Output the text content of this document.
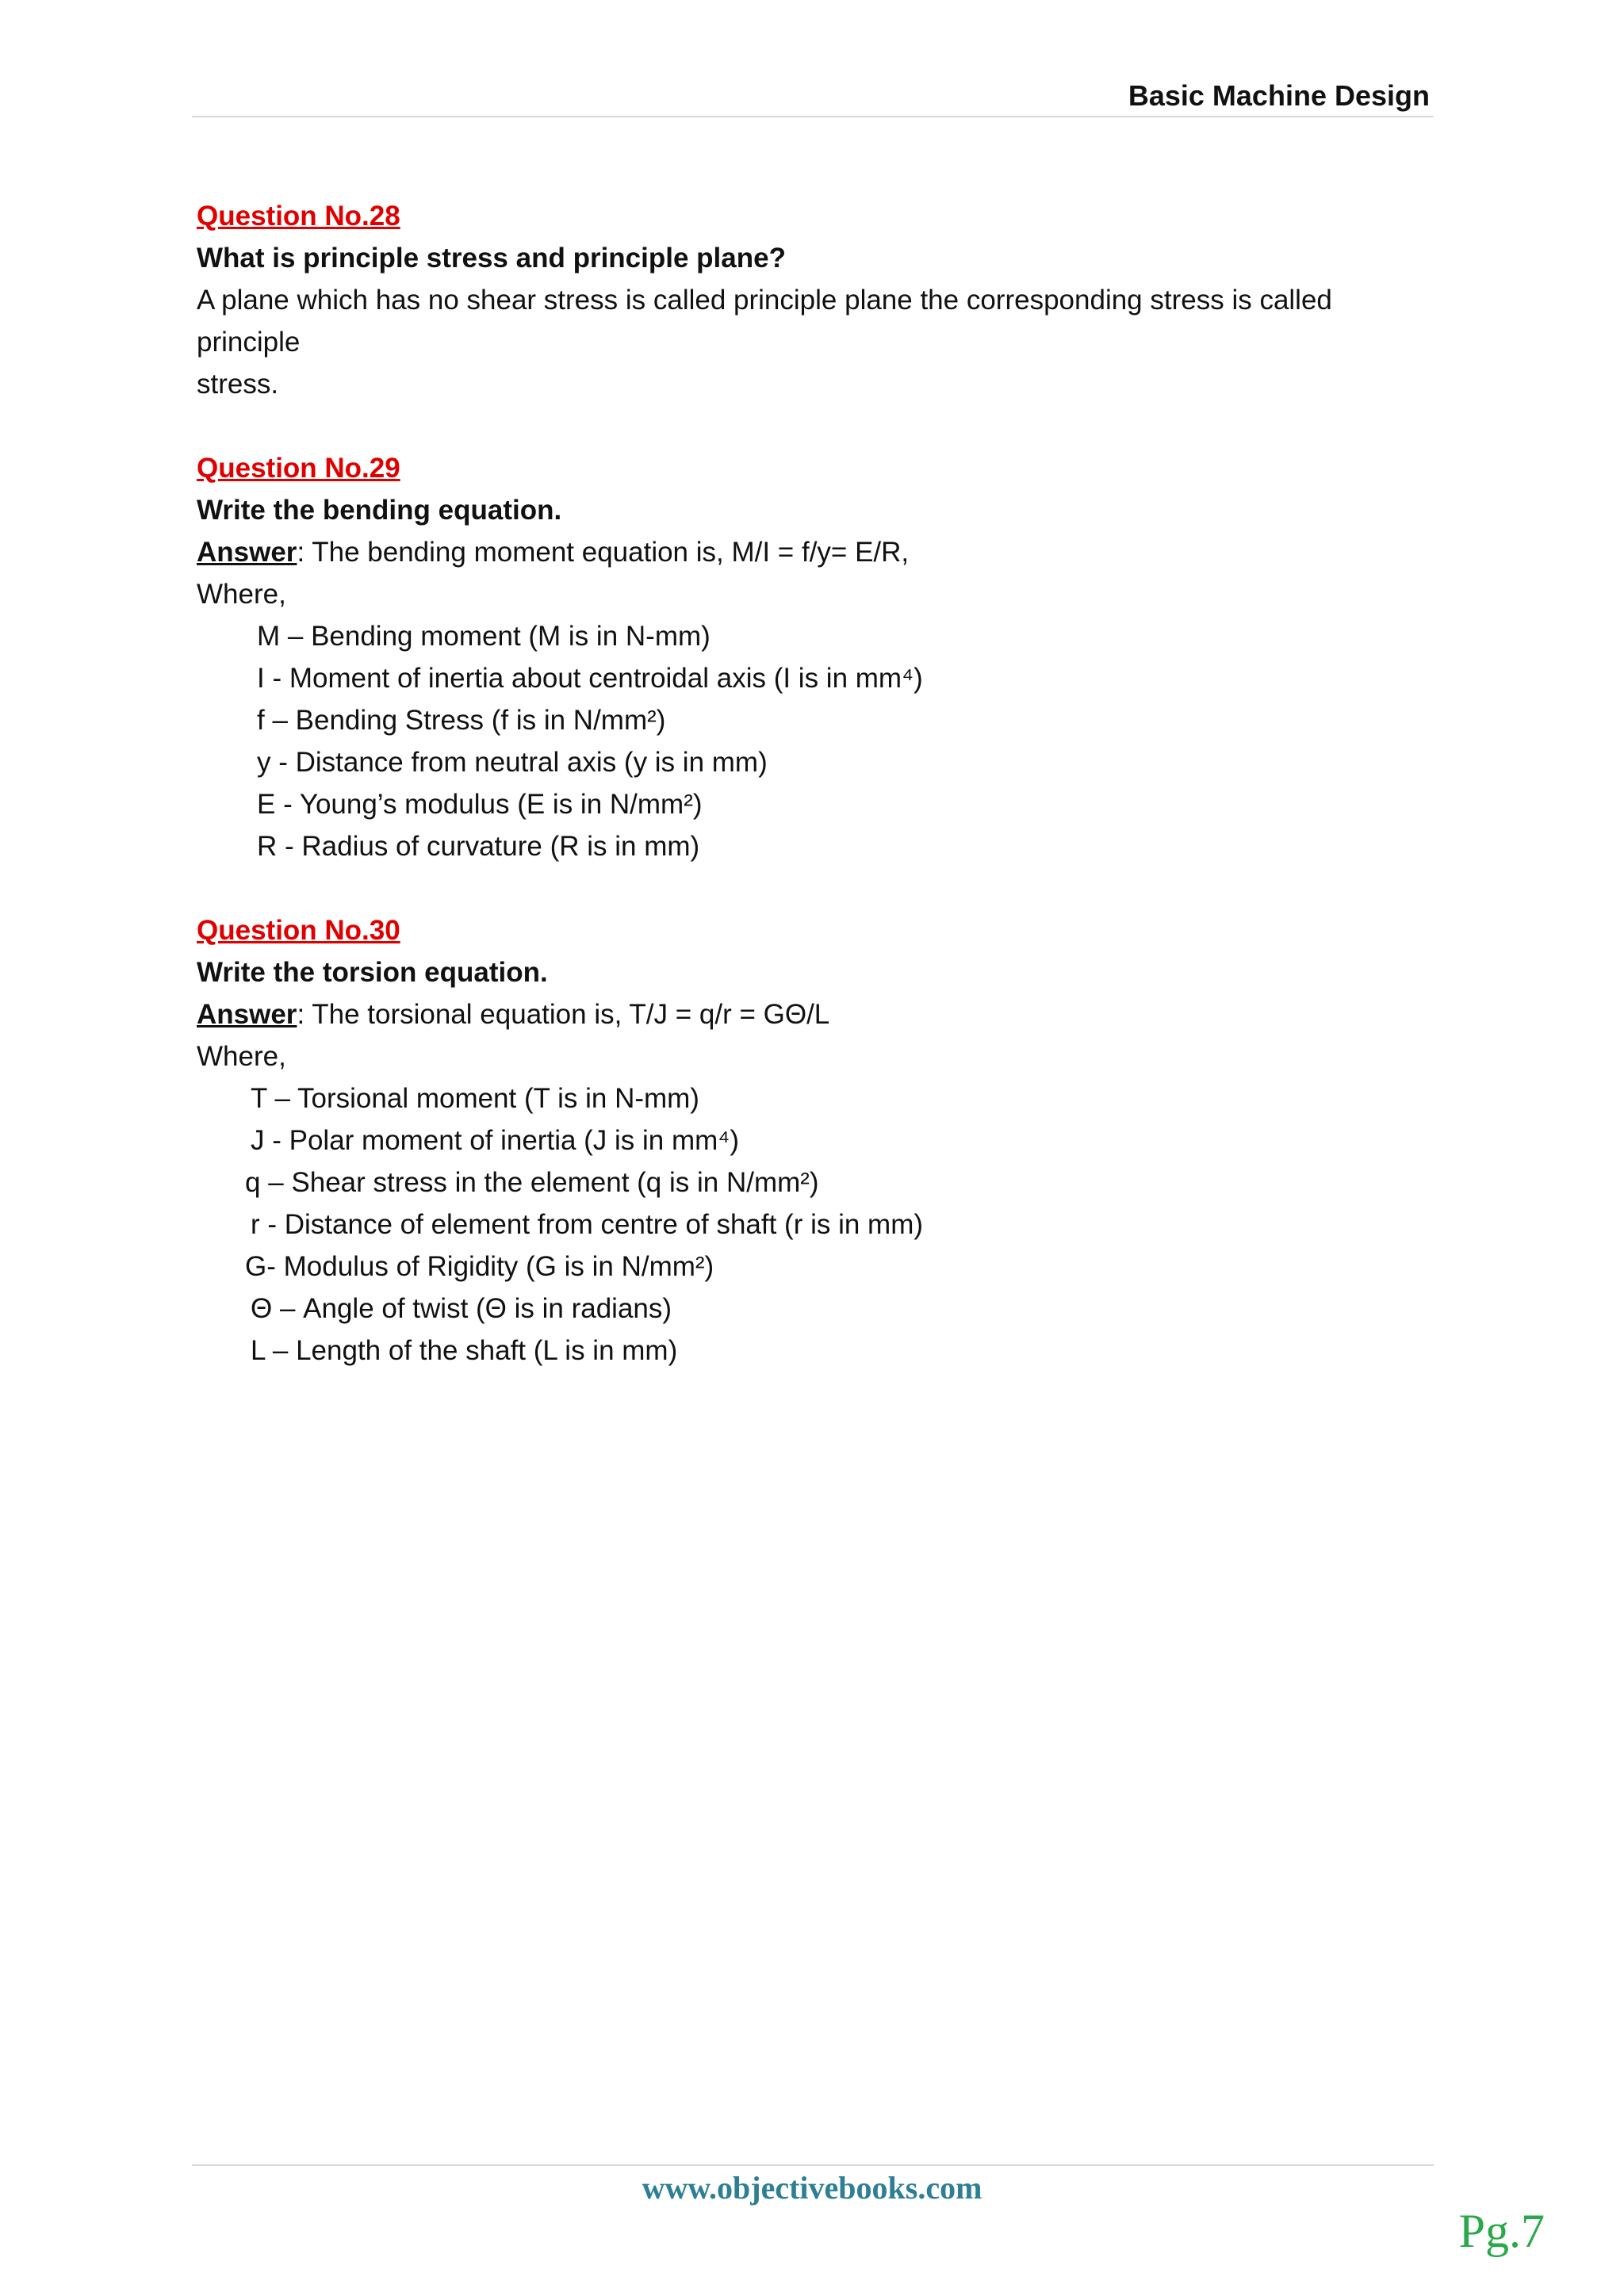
Basic Machine Design
Question No.28
What is principle stress and principle plane?
A plane which has no shear stress is called principle plane the corresponding stress is called principle
stress.
Question No.29
Write the bending equation.
Answer: The bending moment equation is, M/I = f/y= E/R,
Where,
M – Bending moment (M is in N-mm)
I - Moment of inertia about centroidal axis (I is in mm⁴)
f – Bending Stress (f is in N/mm²)
y - Distance from neutral axis (y is in mm)
E - Young’s modulus (E is in N/mm²)
R - Radius of curvature (R is in mm)
Question No.30
Write the torsion equation.
Answer: The torsional equation is, T/J = q/r = GΘ/L
Where,
T – Torsional moment (T is in N-mm)
J - Polar moment of inertia (J is in mm⁴)
q – Shear stress in the element (q is in N/mm²)
r - Distance of element from centre of shaft (r is in mm)
G- Modulus of Rigidity (G is in N/mm²)
Θ – Angle of twist (Θ is in radians)
L – Length of the shaft (L is in mm)
www.objectivebooks.com
Pg.7
